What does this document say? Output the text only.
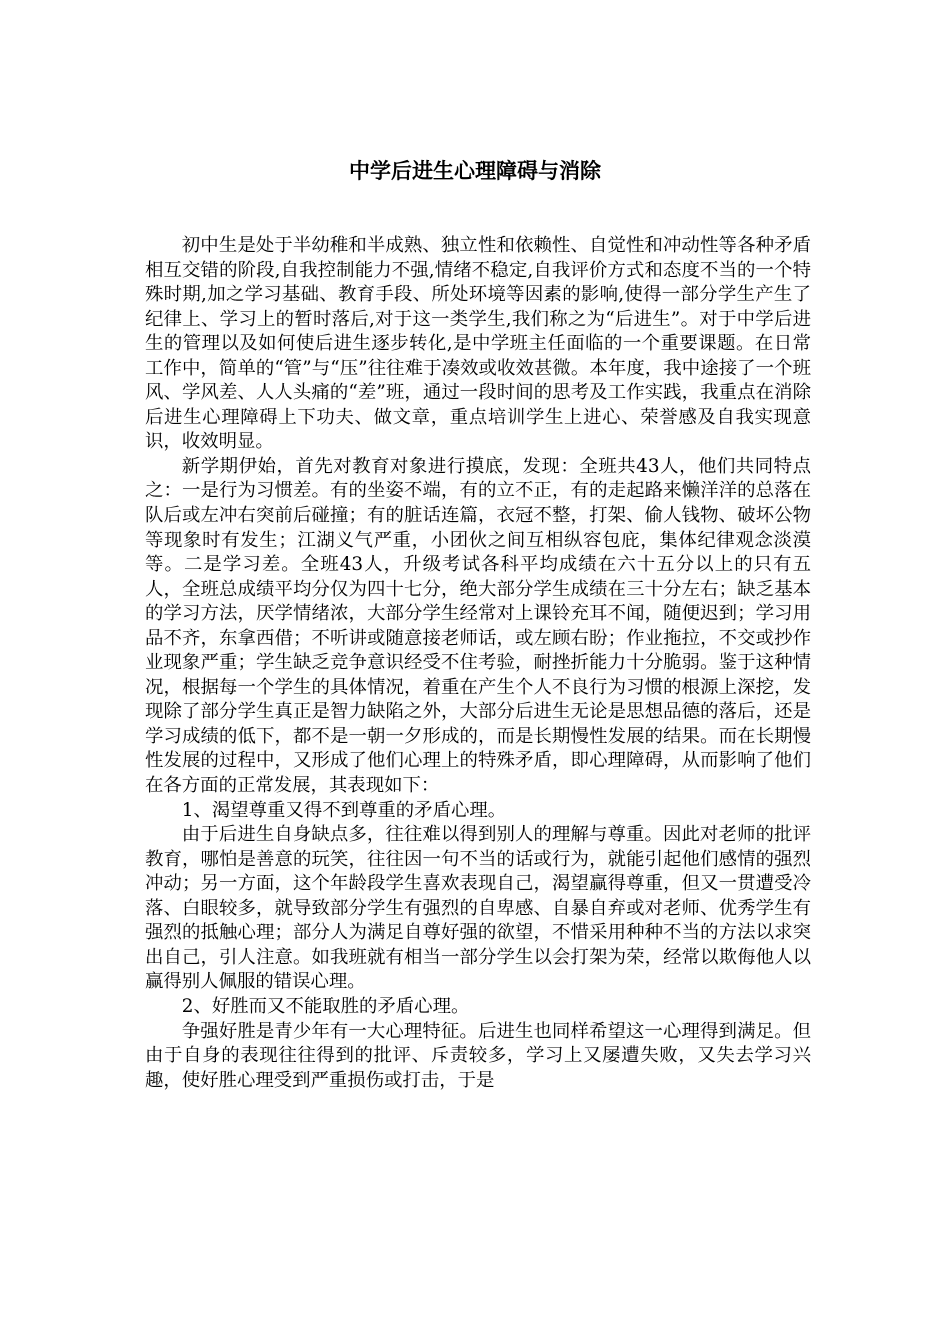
中学后进生心理障碍与消除

初中生是处于半幼稚和半成熟、独立性和依赖性、自觉性和冲动性等各种矛盾相互交错的阶段,自我控制能力不强,情绪不稳定,自我评价方式和态度不当的一个特殊时期,加之学习基础、教育手段、所处环境等因素的影响,使得一部分学生产生了纪律上、学习上的暂时落后,对于这一类学生,我们称之为“后进生”。对于中学后进生的管理以及如何使后进生逐步转化,是中学班主任面临的一个重要课题。在日常工作中，简单的“管”与“压”往往难于凑效或收效甚微。本年度，我中途接了一个班风、学风差、人人头痛的“差”班，通过一段时间的思考及工作实践，我重点在消除后进生心理障碍上下功夫、做文章，重点培训学生上进心、荣誉感及自我实现意识，收效明显。

新学期伊始，首先对教育对象进行摸底，发现：全班共43人，他们共同特点之：一是行为习惯差。有的坐姿不端，有的立不正，有的走起路来懒洋洋的总落在队后或左冲右突前后碰撞；有的脏话连篇，衣冠不整，打架、偷人钱物、破坏公物等现象时有发生；江湖义气严重，小团伙之间互相纵容包庇，集体纪律观念淡漠等。二是学习差。全班43人，升级考试各科平均成绩在六十五分以上的只有五人，全班总成绩平均分仅为四十七分，绝大部分学生成绩在三十分左右；缺乏基本的学习方法，厌学情绪浓，大部分学生经常对上课铃充耳不闻，随便迟到；学习用品不齐，东拿西借；不听讲或随意接老师话，或左顾右盼；作业拖拉，不交或抄作业现象严重；学生缺乏竞争意识经受不住考验，耐挫折能力十分脆弱。鉴于这种情况，根据每一个学生的具体情况，着重在产生个人不良行为习惯的根源上深挖，发现除了部分学生真正是智力缺陷之外，大部分后进生无论是思想品德的落后，还是学习成绩的低下，都不是一朝一夕形成的，而是长期慢性发展的结果。而在长期慢性发展的过程中，又形成了他们心理上的特殊矛盾，即心理障碍，从而影响了他们在各方面的正常发展，其表现如下：

1、渴望尊重又得不到尊重的矛盾心理。

由于后进生自身缺点多，往往难以得到别人的理解与尊重。因此对老师的批评教育，哪怕是善意的玩笑，往往因一句不当的话或行为，就能引起他们感情的强烈冲动；另一方面，这个年龄段学生喜欢表现自己，渴望赢得尊重，但又一贯遭受冷落、白眼较多，就导致部分学生有强烈的自卑感、自暴自弃或对老师、优秀学生有强烈的抵触心理；部分人为满足自尊好强的欲望，不惜采用种种不当的方法以求突出自己，引人注意。如我班就有相当一部分学生以会打架为荣，经常以欺侮他人以赢得别人佩服的错误心理。

2、好胜而又不能取胜的矛盾心理。

争强好胜是青少年有一大心理特征。后进生也同样希望这一心理得到满足。但由于自身的表现往往得到的批评、斥责较多，学习上又屡遭失败，又失去学习兴趣，使好胜心理受到严重损伤或打击，于是
